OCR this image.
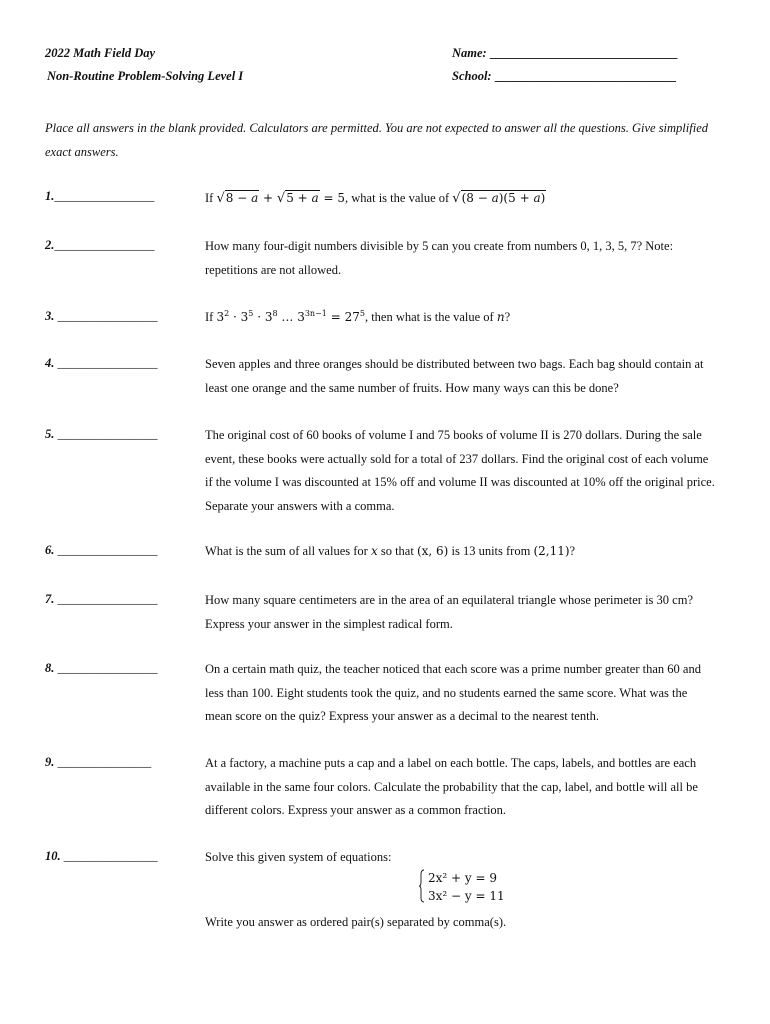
2022 Math Field Day
Non-Routine Problem-Solving Level I
Name: ______________________________
School: _____________________________
Place all answers in the blank provided. Calculators are permitted. You are not expected to answer all the questions. Give simplified exact answers.
1.________________	If √8 − a + √5 + a = 5, what is the value of √(8 − a)(5 + a)
2.________________	How many four-digit numbers divisible by 5 can you create from numbers 0, 1, 3, 5, 7? Note: repetitions are not allowed.
3. ________________	If $3^2 \cdot 3^5 \cdot 3^8$ … $3^{3n-1} = 27^5$, then what is the value of n?
4. ________________	Seven apples and three oranges should be distributed between two bags. Each bag should contain at least one orange and the same number of fruits. How many ways can this be done?
5. ________________	The original cost of 60 books of volume I and 75 books of volume II is 270 dollars. During the sale event, these books were actually sold for a total of 237 dollars. Find the original cost of each volume if the volume I was discounted at 15% off and volume II was discounted at 10% off the original price. Separate your answers with a comma.
6. ________________	What is the sum of all values for x so that (x, 6) is 13 units from (2,11)?
7. ________________	How many square centimeters are in the area of an equilateral triangle whose perimeter is 30 cm? Express your answer in the simplest radical form.
8. ________________	On a certain math quiz, the teacher noticed that each score was a prime number greater than 60 and less than 100. Eight students took the quiz, and no students earned the same score. What was the mean score on the quiz? Express your answer as a decimal to the nearest tenth.
9. _______________	At a factory, a machine puts a cap and a label on each bottle. The caps, labels, and bottles are each available in the same four colors. Calculate the probability that the cap, label, and bottle will all be different colors. Express your answer as a common fraction.
10. _______________	Solve this given system of equations:
2x² + y = 9
3x² − y = 11
Write you answer as ordered pair(s) separated by comma(s).
